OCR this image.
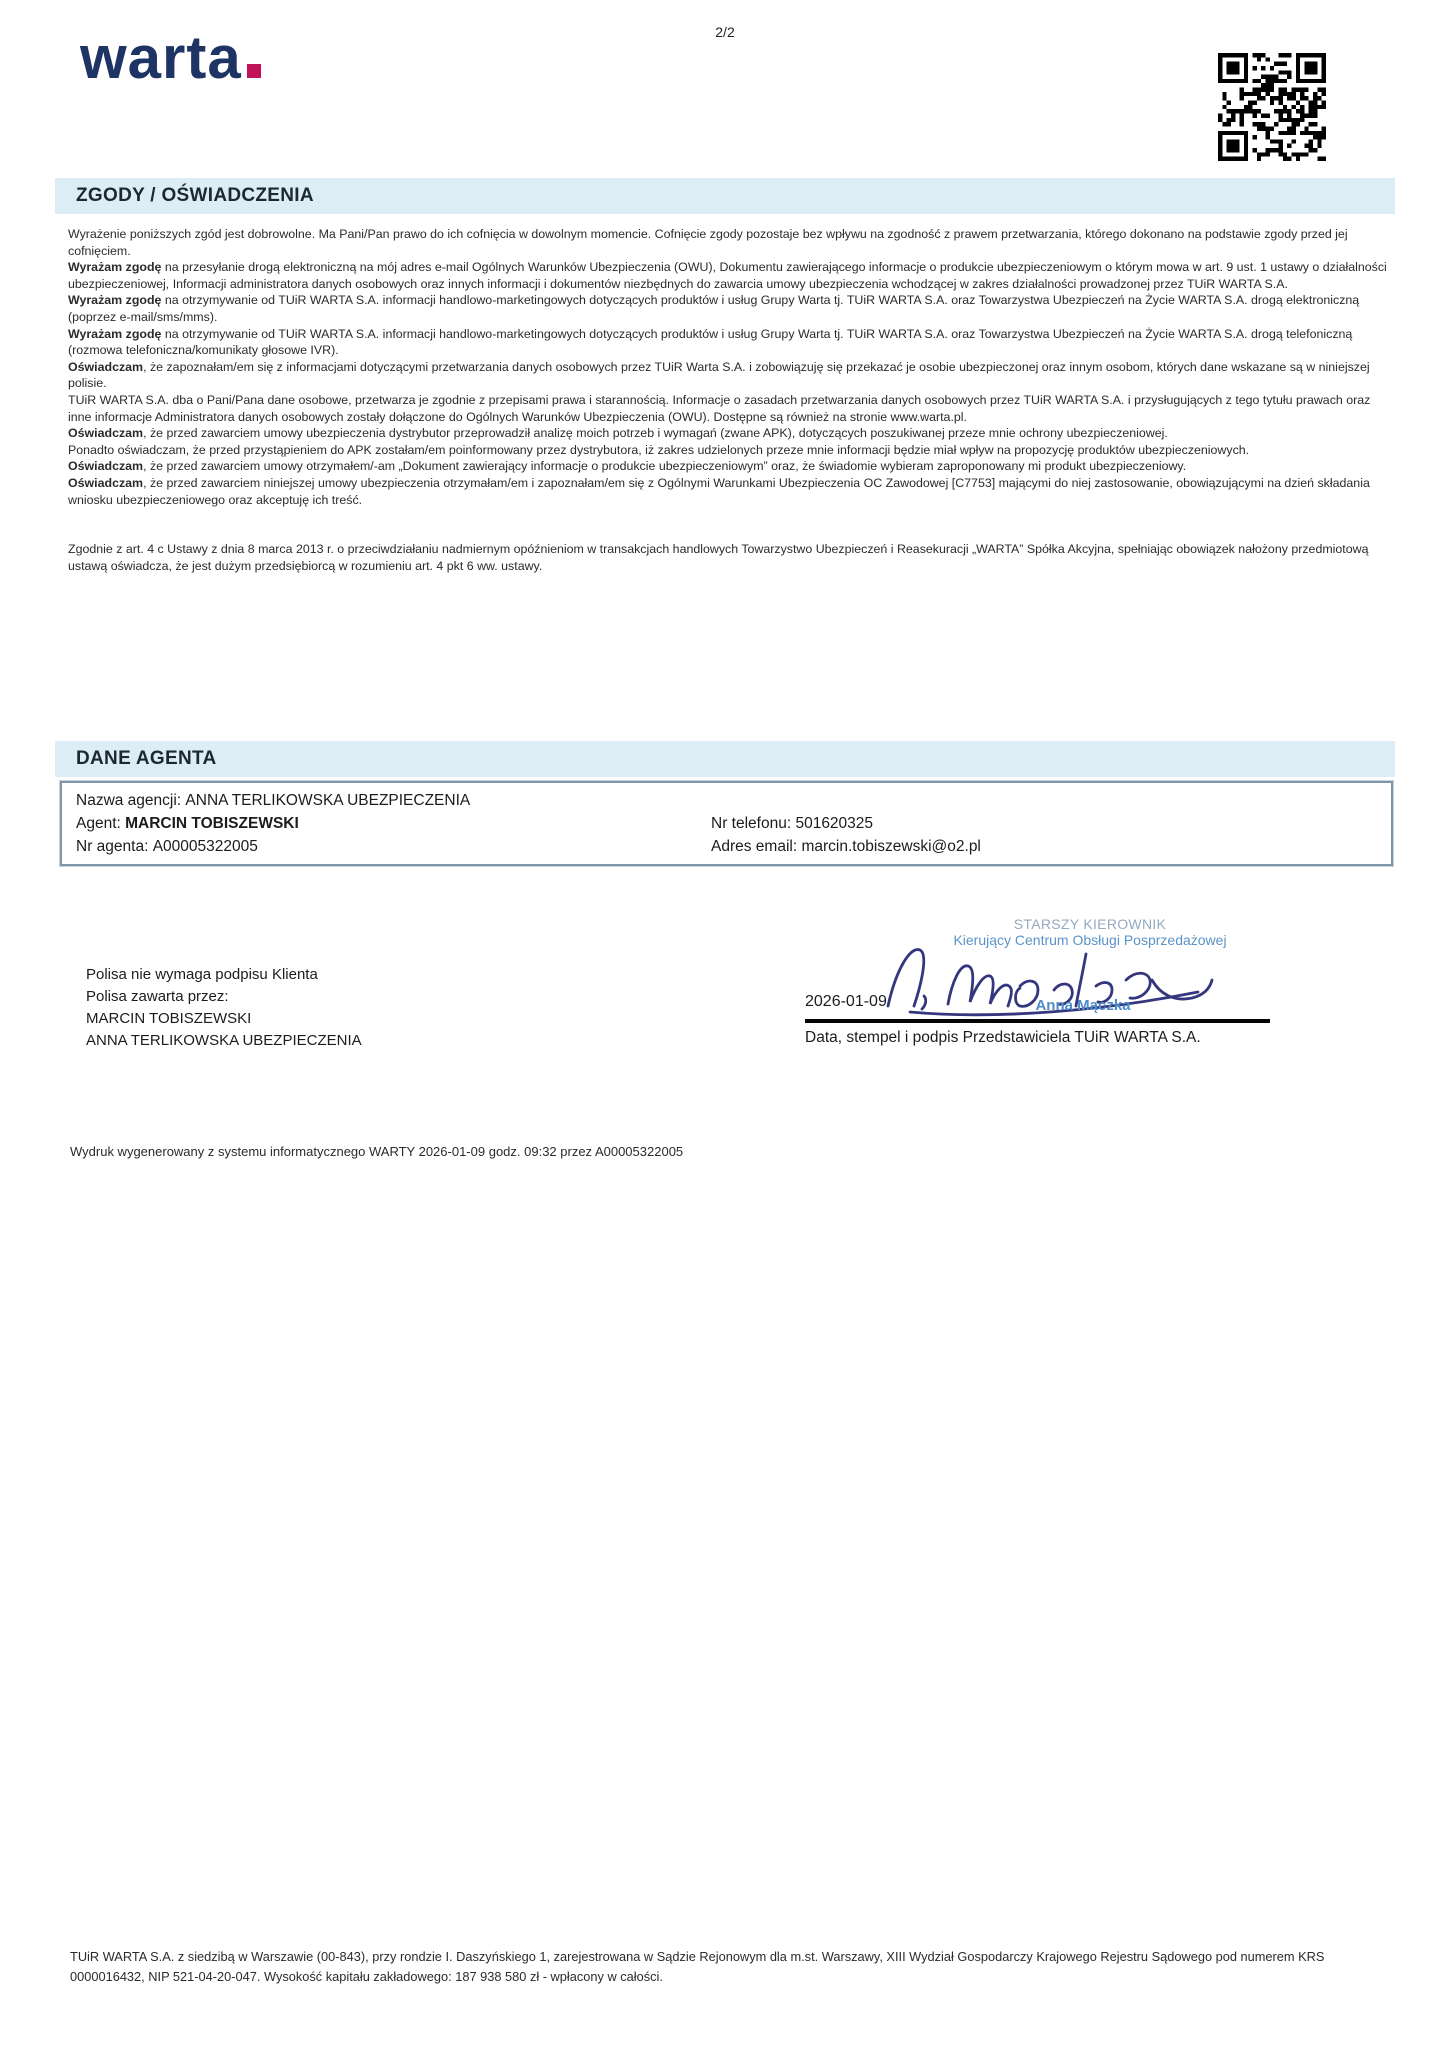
2/2
warta
ZGODY / OŚWIADCZENIA

Wyrażenie poniższych zgód jest dobrowolne. Ma Pani/Pan prawo do ich cofnięcia w dowolnym momencie. Cofnięcie zgody pozostaje bez wpływu na zgodność z prawem przetwarzania, którego dokonano na podstawie zgody przed jej cofnięciem.

Wyrażam zgodę na przesyłanie drogą elektroniczną na mój adres e-mail Ogólnych Warunków Ubezpieczenia (OWU), Dokumentu zawierającego informacje o produkcie ubezpieczeniowym o którym mowa w art. 9 ust. 1 ustawy o działalności ubezpieczeniowej, Informacji administratora danych osobowych oraz innych informacji i dokumentów niezbędnych do zawarcia umowy ubezpieczenia wchodzącej w zakres działalności prowadzonej przez TUiR WARTA S.A.

Wyrażam zgodę na otrzymywanie od TUiR WARTA S.A. informacji handlowo-marketingowych dotyczących produktów i usług Grupy Warta tj. TUiR WARTA S.A. oraz Towarzystwa Ubezpieczeń na Życie WARTA S.A. drogą elektroniczną (poprzez e-mail/sms/mms).

Wyrażam zgodę na otrzymywanie od TUiR WARTA S.A. informacji handlowo-marketingowych dotyczących produktów i usług Grupy Warta tj. TUiR WARTA S.A. oraz Towarzystwa Ubezpieczeń na Życie WARTA S.A. drogą telefoniczną (rozmowa telefoniczna/komunikaty głosowe IVR).

Oświadczam, że zapoznałam/em się z informacjami dotyczącymi przetwarzania danych osobowych przez TUiR Warta S.A. i zobowiązuję się przekazać je osobie ubezpieczonej oraz innym osobom, których dane wskazane są w niniejszej polisie.

TUiR WARTA S.A. dba o Pani/Pana dane osobowe, przetwarza je zgodnie z przepisami prawa i starannością. Informacje o zasadach przetwarzania danych osobowych przez TUiR WARTA S.A. i przysługujących z tego tytułu prawach oraz inne informacje Administratora danych osobowych zostały dołączone do Ogólnych Warunków Ubezpieczenia (OWU). Dostępne są również na stronie www.warta.pl.

Oświadczam, że przed zawarciem umowy ubezpieczenia dystrybutor przeprowadził analizę moich potrzeb i wymagań (zwane APK), dotyczących poszukiwanej przeze mnie ochrony ubezpieczeniowej.

Ponadto oświadczam, że przed przystąpieniem do APK zostałam/em poinformowany przez dystrybutora, iż zakres udzielonych przeze mnie informacji będzie miał wpływ na propozycję produktów ubezpieczeniowych.

Oświadczam, że przed zawarciem umowy otrzymałem/-am „Dokument zawierający informacje o produkcie ubezpieczeniowym” oraz, że świadomie wybieram zaproponowany mi produkt ubezpieczeniowy.

Oświadczam, że przed zawarciem niniejszej umowy ubezpieczenia otrzymałam/em i zapoznałam/em się z Ogólnymi Warunkami Ubezpieczenia OC Zawodowej [C7753] mającymi do niej zastosowanie, obowiązującymi na dzień składania wniosku ubezpieczeniowego oraz akceptuję ich treść.

Zgodnie z art. 4 c Ustawy z dnia 8 marca 2013 r. o przeciwdziałaniu nadmiernym opóźnieniom w transakcjach handlowych Towarzystwo Ubezpieczeń i Reasekuracji „WARTA” Spółka Akcyjna, spełniając obowiązek nałożony przedmiotową ustawą oświadcza, że jest dużym przedsiębiorcą w rozumieniu art. 4 pkt 6 ww. ustawy.

DANE AGENTA
Nazwa agencji:
ANNA TERLIKOWSKA UBEZPIECZENIA
Agent: MARCIN TOBISZEWSKI	Nr telefonu: 501620325
Nr agenta: A00005322005	Adres email: marcin.tobiszewski@o2.pl
STARSZY KIEROWNIK
Kierujący Centrum Obsługi Posprzedażowej
Anna Mączka
Polisa nie wymaga podpisu Klienta
Polisa zawarta przez:
MARCIN TOBISZEWSKI
ANNA TERLIKOWSKA UBEZPIECZENIA
2026-01-09
Data, stempel i podpis Przedstawiciela TUiR WARTA S.A.
Wydruk wygenerowany z systemu informatycznego WARTY 2026-01-09 godz. 09:32 przez A00005322005
TUiR WARTA S.A. z siedzibą w Warszawie (00-843), przy rondzie I. Daszyńskiego 1, zarejestrowana w Sądzie Rejonowym dla m.st. Warszawy, XIII Wydział Gospodarczy Krajowego Rejestru Sądowego pod numerem KRS 0000016432, NIP 521-04-20-047. Wysokość kapitału zakładowego: 187 938 580 zł - wpłacony w całości.
